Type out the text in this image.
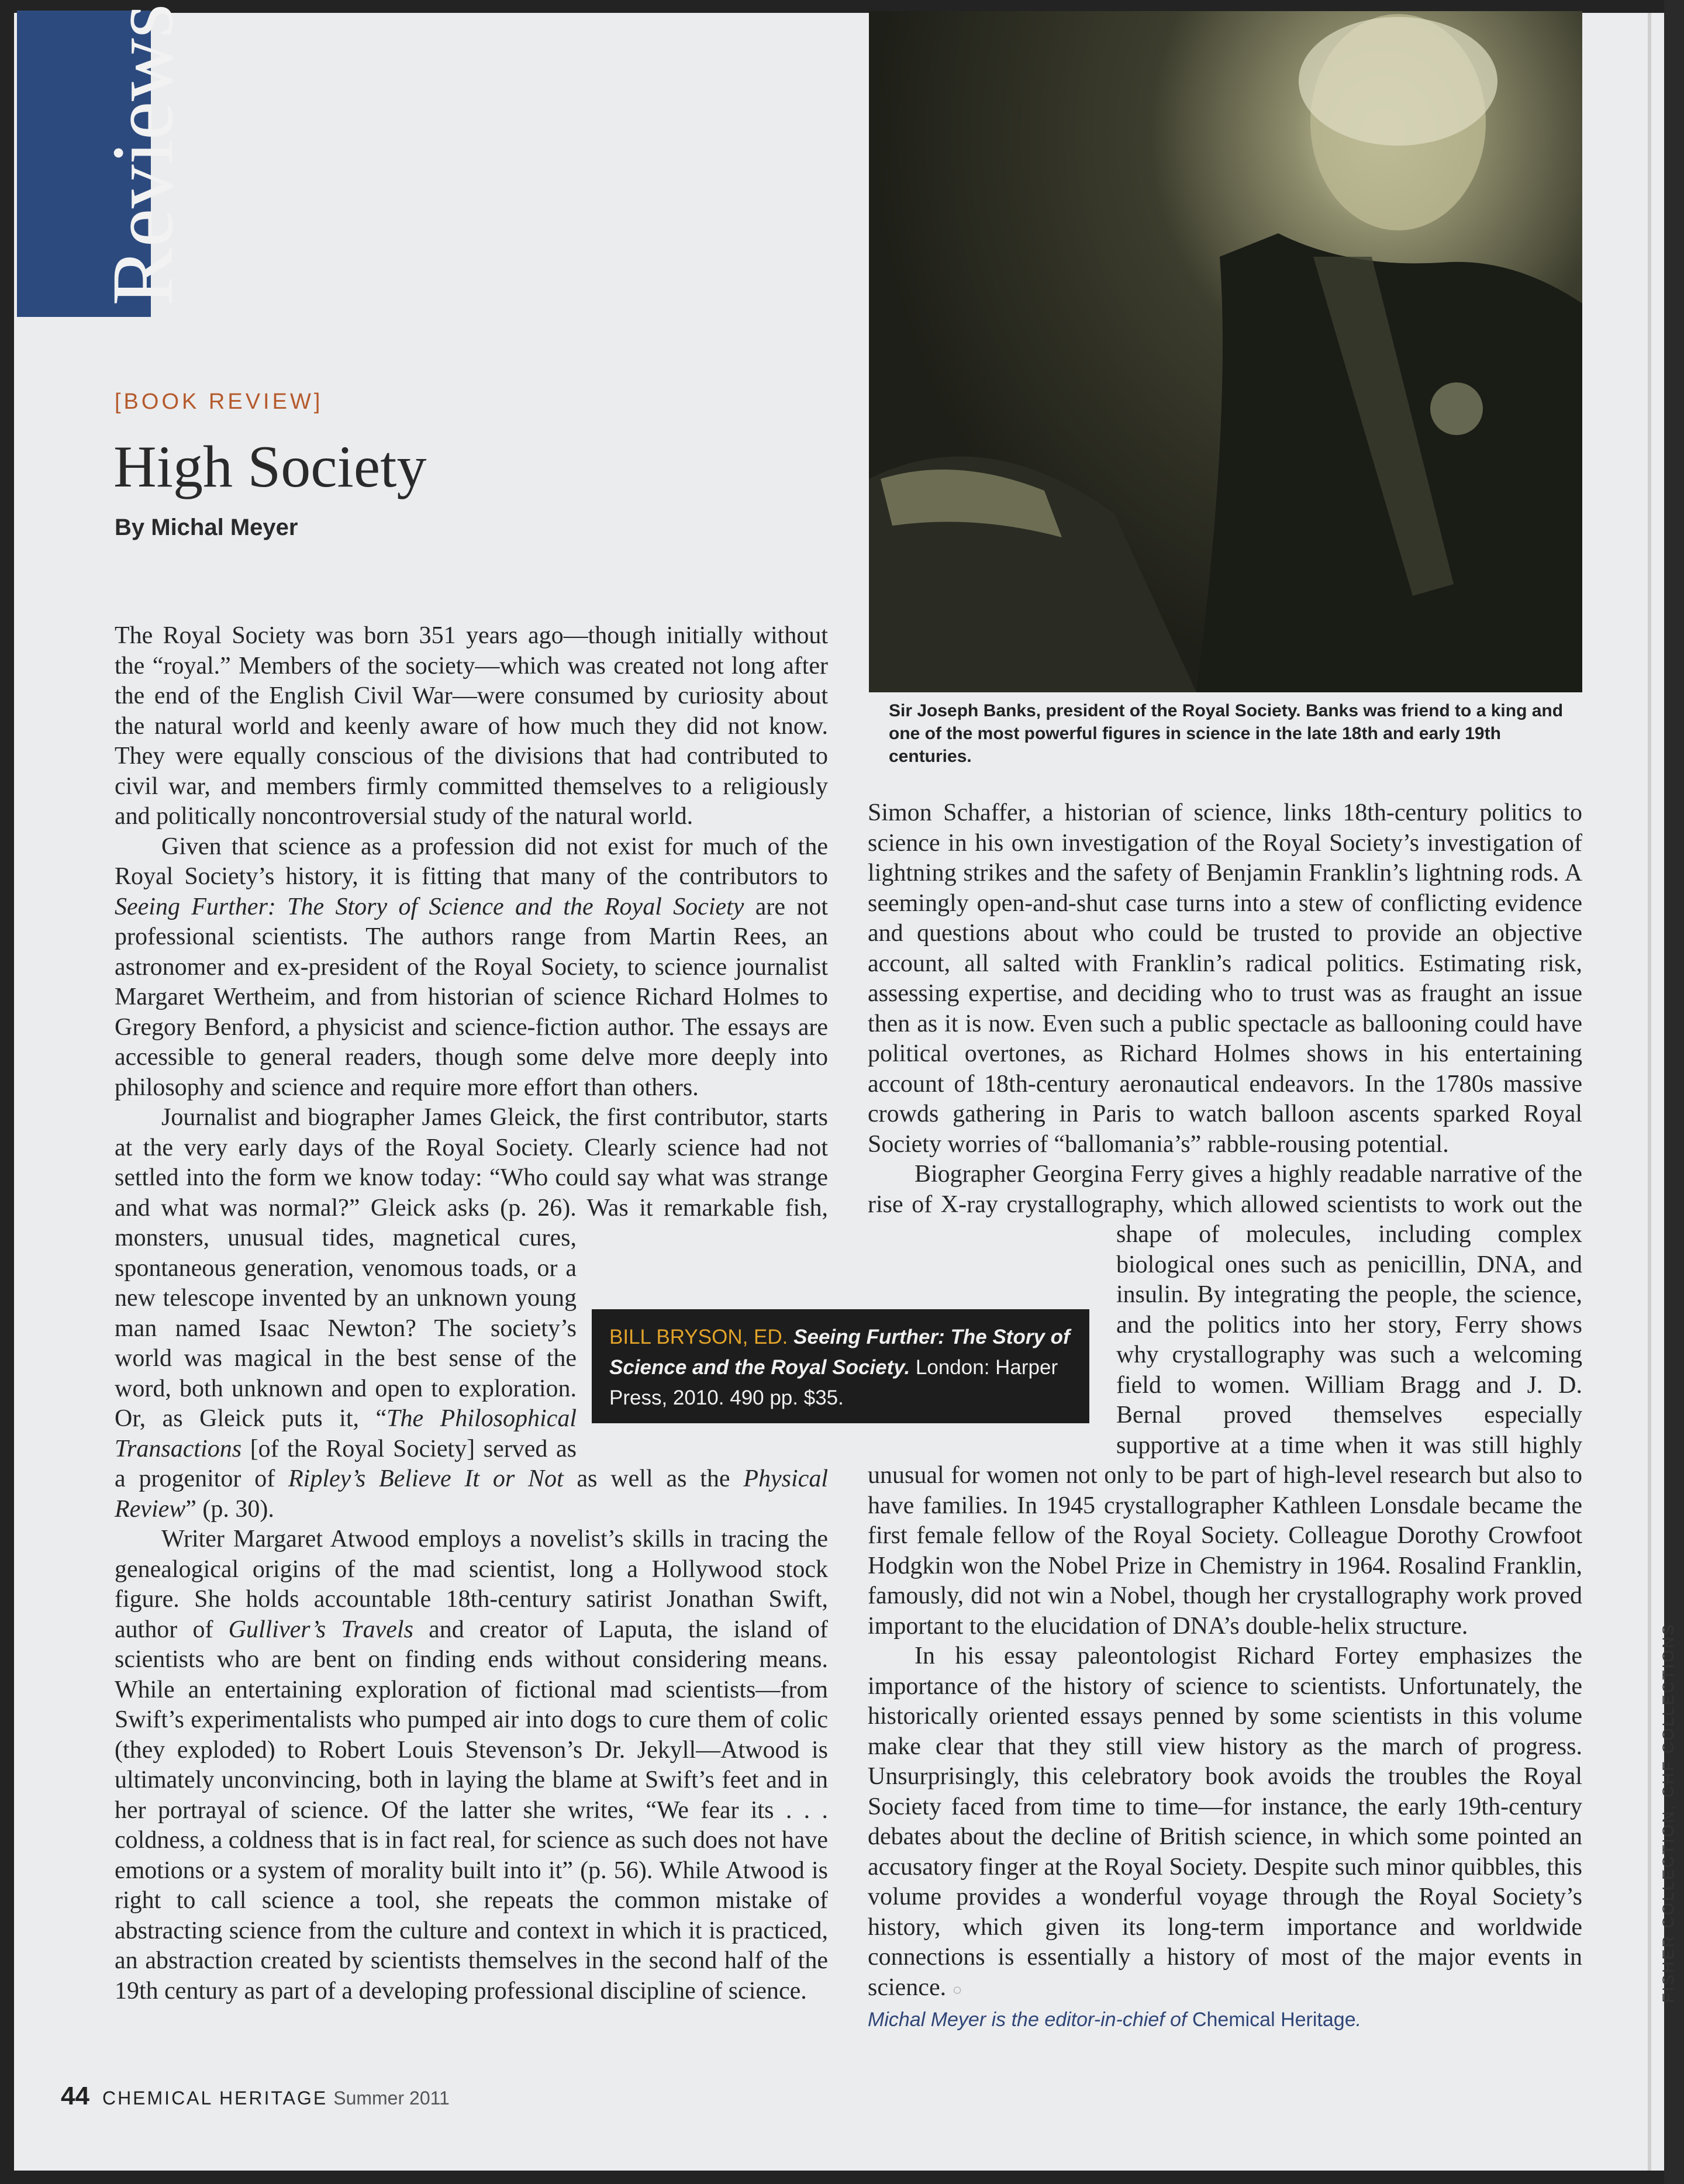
Reviews
[BOOK REVIEW]
High Society
By Michal Meyer
Sir Joseph Banks, president of the Royal Society. Banks was friend to a king and one of the most powerful figures in science in the late 18th and early 19th centuries.

The Royal Society was born 351 years ago—though initially without the “royal.” Members of the society—which was created not long after the end of the English Civil War—were consumed by curiosity about the natural world and keenly aware of how much they did not know. They were equally conscious of the divisions that had contributed to civil war, and members firmly committed themselves to a religiously and politically noncontroversial study of the natural world.

Given that science as a profession did not exist for much of the Royal Society’s history, it is fitting that many of the contributors to Seeing Further: The Story of Science and the Royal Society are not professional scientists. The authors range from Martin Rees, an astronomer and ex-president of the Royal Society, to science journalist Margaret Wertheim, and from historian of science Richard Holmes to Gregory Benford, a physicist and science-fiction author. The essays are accessible to general readers, though some delve more deeply into philosophy and science and require more effort than others.

Journalist and biographer James Gleick, the first contributor, starts at the very early days of the Royal Society. Clearly science had not settled into the form we know today: “Who could say what was strange and what was normal?” Gleick asks (p. 26). Was it remarkable fish, monsters, unusual tides, magnetical cures, spontaneous generation, venomous toads, or a new telescope invented by an unknown young man named Isaac Newton? The society’s world was magical in the best sense of the word, both unknown and open to exploration. Or, as Gleick puts it, “The Philosophical Transactions [of the Royal Society] served as a progenitor of Ripley’s Believe It or Not as well as the Physical Review” (p. 30).

Writer Margaret Atwood employs a novelist’s skills in tracing the genealogical origins of the mad scientist, long a Hollywood stock figure. She holds accountable 18th-century satirist Jonathan Swift, author of Gulliver’s Travels and creator of Laputa, the island of scientists who are bent on finding ends without considering means. While an entertaining exploration of fictional mad scientists—from Swift’s experimentalists who pumped air into dogs to cure them of colic (they exploded) to Robert Louis Stevenson’s Dr. Jekyll—Atwood is ultimately unconvincing, both in laying the blame at Swift’s feet and in her portrayal of science. Of the latter she writes, “We fear its . . . coldness, a coldness that is in fact real, for science as such does not have emotions or a system of morality built into it” (p. 56). While Atwood is right to call science a tool, she repeats the common mistake of abstracting science from the culture and context in which it is practiced, an abstraction created by scientists themselves in the second half of the 19th century as part of a developing professional discipline of science.

Simon Schaffer, a historian of science, links 18th-century politics to science in his own investigation of the Royal Society’s investigation of lightning strikes and the safety of Benjamin Franklin’s lightning rods. A seemingly open-and-shut case turns into a stew of conflicting evidence and questions about who could be trusted to provide an objective account, all salted with Franklin’s radical politics. Estimating risk, assessing expertise, and deciding who to trust was as fraught an issue then as it is now. Even such a public spectacle as ballooning could have political overtones, as Richard Holmes shows in his entertaining account of 18th-century aeronautical endeavors. In the 1780s massive crowds gathering in Paris to watch balloon ascents sparked Royal Society worries of “ballomania’s” rabble-rousing potential.

Biographer Georgina Ferry gives a highly readable narrative of the rise of X-ray crystallography, which allowed scientists to work out the shape of molecules, including complex biological ones such as penicillin, DNA, and insulin. By integrating the people, the science, and the politics into her story, Ferry shows why crystallography was such a welcoming field to women. William Bragg and J. D. Bernal proved themselves especially supportive at a time when it was still highly unusual for women not only to be part of high-level research but also to have families. In 1945 crystallographer Kathleen Lonsdale became the first female fellow of the Royal Society. Colleague Dorothy Crowfoot Hodgkin won the Nobel Prize in Chemistry in 1964. Rosalind Franklin, famously, did not win a Nobel, though her crystallography work proved important to the elucidation of DNA’s double-helix structure.

In his essay paleontologist Richard Fortey emphasizes the importance of the history of science to scientists. Unfortunately, the historically oriented essays penned by some scientists in this volume make clear that they still view history as the march of progress. Unsurprisingly, this celebratory book avoids the troubles the Royal Society faced from time to time—for instance, the early 19th-century debates about the decline of British science, in which some pointed an accusatory finger at the Royal Society. Despite such minor quibbles, this volume provides a wonderful voyage through the Royal Society’s history, which given its long-term importance and worldwide connections is essentially a history of most of the major events in science. ○

Michal Meyer is the editor-in-chief of Chemical Heritage.
BILL BRYSON, ED. Seeing Further: The Story of Science and the Royal Society. London: Harper Press, 2010. 490 pp. $35.
44 CHEMICAL HERITAGE Summer 2011
FISHER COLLECTION, CHF COLLECTIONS
